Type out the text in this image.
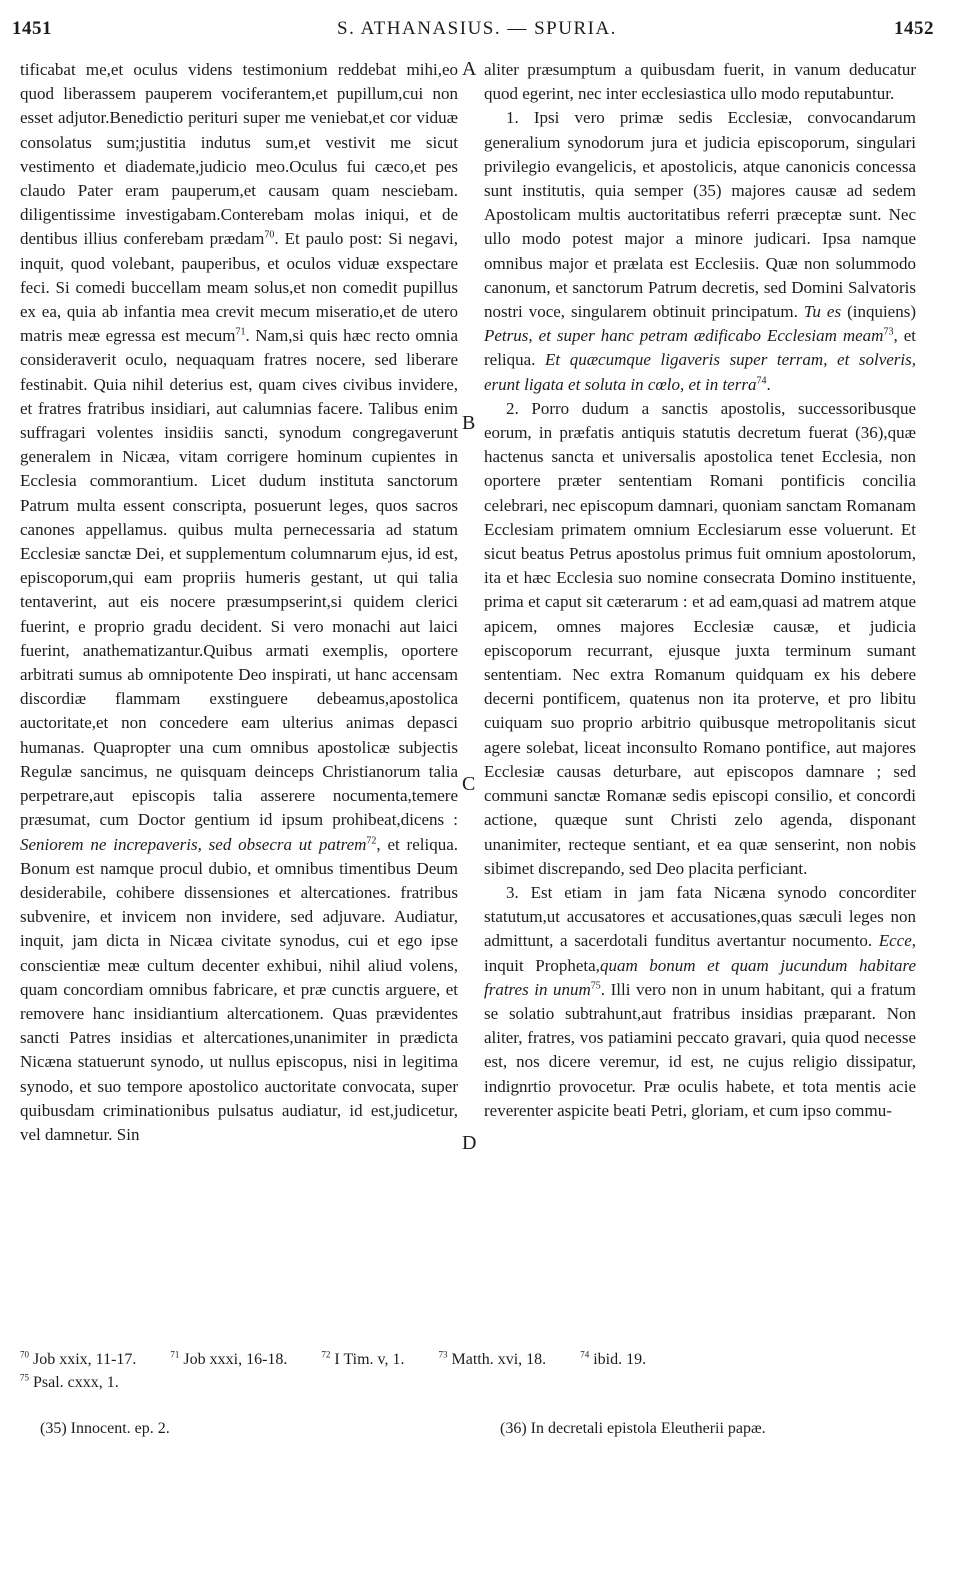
1451	S. ATHANASIUS. — SPURIA.	1452

tificabat me,et oculus videns testimonium reddebat mihi,eo quod liberassem pauperem vociferantem,et pupillum,cui non esset adjutor.Benedictio perituri super me veniebat,et cor viduæ consolatus sum;justitia indutus sum,et vestivit me sicut vestimento et diademate,judicio meo.Oculus fui cæco,et pes claudo Pater eram pauperum,et causam quam nesciebam. diligentissime investigabam.Conterebam molas iniqui, et de dentibus illius conferebam prædam$^{70}$. Et paulo post: Si negavi, inquit, quod volebant, pauperibus, et oculos viduæ exspectare feci. Si comedi buccellam meam solus,et non comedit pupillus ex ea, quia ab infantia mea crevit mecum miseratio,et de utero matris meæ egressa est mecum$^{71}$. Nam,si quis hæc recto omnia consideraverit oculo, nequaquam fratres nocere, sed liberare festinabit. Quia nihil deterius est, quam cives civibus invidere, et fratres fratribus insidiari, aut calumnias facere. Talibus enim suffragari volentes insidiis sancti, synodum congregaverunt generalem in Nicæa, vitam corrigere hominum cupientes in Ecclesia commorantium. Licet dudum instituta sanctorum Patrum multa essent conscripta, posuerunt leges, quos sacros canones appellamus. quibus multa pernecessaria ad statum Ecclesiæ sanctæ Dei, et supplementum columnarum ejus, id est, episcoporum,qui eam propriis humeris gestant, ut qui talia tentaverint, aut eis nocere præsumpserint,si quidem clerici fuerint, e proprio gradu decident. Si vero monachi aut laici fuerint, anathematizantur.Quibus armati exemplis, oportere arbitrati sumus ab omnipotente Deo inspirati, ut hanc accensam discordiæ flammam exstinguere debeamus,apostolica auctoritate,et non concedere eam ulterius animas depasci humanas. Quapropter una cum omnibus apostolicæ subjectis Regulæ sancimus, ne quisquam deinceps Christianorum talia perpetrare,aut episcopis talia asserere nocumenta,temere præsumat, cum Doctor gentium id ipsum prohibeat,dicens : Seniorem ne increpaveris, sed obsecra ut patrem$^{72}$, et reliqua. Bonum est namque procul dubio, et omnibus timentibus Deum desiderabile, cohibere dissensiones et altercationes. fratribus subvenire, et invicem non invidere, sed adjuvare. Audiatur, inquit, jam dicta in Nicæa civitate synodus, cui et ego ipse conscientiæ meæ cultum decenter exhibui, nihil aliud volens, quam concordiam omnibus fabricare, et præ cunctis arguere, et removere hanc insidiantium altercationem. Quas prævidentes sancti Patres insidias et altercationes,unanimiter in prædicta Nicæna statuerunt synodo, ut nullus episcopus, nisi in legitima synodo, et suo tempore apostolico auctoritate convocata, super quibusdam criminationibus pulsatus audiatur, id est,judicetur, vel damnetur. Sin

A
B
C
D

aliter præsumptum a quibusdam fuerit, in vanum deducatur quod egerint, nec inter ecclesiastica ullo modo reputabuntur.

1. Ipsi vero primæ sedis Ecclesiæ, convocandarum generalium synodorum jura et judicia episcoporum, singulari privilegio evangelicis, et apostolicis, atque canonicis concessa sunt institutis, quia semper (35) majores causæ ad sedem Apostolicam multis auctoritatibus referri præceptæ sunt. Nec ullo modo potest major a minore judicari. Ipsa namque omnibus major et prælata est Ecclesiis. Quæ non solummodo canonum, et sanctorum Patrum decretis, sed Domini Salvatoris nostri voce, singularem obtinuit principatum. Tu es (inquiens) Petrus, et super hanc petram ædificabo Ecclesiam meam$^{73}$, et reliqua. Et quæcumque ligaveris super terram, et solveris, erunt ligata et soluta in cœlo, et in terra$^{74}$.

2. Porro dudum a sanctis apostolis, successoribusque eorum, in præfatis antiquis statutis decretum fuerat (36),quæ hactenus sancta et universalis apostolica tenet Ecclesia, non oportere præter sententiam Romani pontificis concilia celebrari, nec episcopum damnari, quoniam sanctam Romanam Ecclesiam primatem omnium Ecclesiarum esse voluerunt. Et sicut beatus Petrus apostolus primus fuit omnium apostolorum, ita et hæc Ecclesia suo nomine consecrata Domino instituente, prima et caput sit cæterarum : et ad eam,quasi ad matrem atque apicem, omnes majores Ecclesiæ causæ, et judicia episcoporum recurrant, ejusque juxta terminum sumant sententiam. Nec extra Romanum quidquam ex his debere decerni pontificem, quatenus non ita proterve, et pro libitu cuiquam suo proprio arbitrio quibusque metropolitanis sicut agere solebat, liceat inconsulto Romano pontifice, aut majores Ecclesiæ causas deturbare, aut episcopos damnare ; sed communi sanctæ Romanæ sedis episcopi consilio, et concordi actione, quæque sunt Christi zelo agenda, disponant unanimiter, recteque sentiant, et ea quæ senserint, non nobis sibimet discrepando, sed Deo placita perficiant.

3. Est etiam in jam fata Nicæna synodo concorditer statutum,ut accusatores et accusationes,quas sæculi leges non admittunt, a sacerdotali funditus avertantur nocumento. Ecce, inquit Propheta,quam bonum et quam jucundum habitare fratres in unum$^{75}$. Illi vero non in unum habitant, qui a fratum se solatio subtrahunt,aut fratribus insidias præparant. Non aliter, fratres, vos patiamini peccato gravari, quia quod necesse est, nos dicere veremur, id est, ne cujus religio dissipatur, indignrtio provocetur. Præ oculis habete, et tota mentis acie reverenter aspicite beati Petri, gloriam, et cum ipso commu-

$^{70}$ Job xxix, 11-17.	$^{71}$ Job xxxi, 16-18.	$^{72}$ I Tim. v, 1.	$^{73}$ Matth. xvi, 18.	$^{74}$ ibid. 19.
$^{75}$ Psal. cxxx, 1.
(35) Innocent. ep. 2.	(36) In decretali epistola Eleutherii papæ.
